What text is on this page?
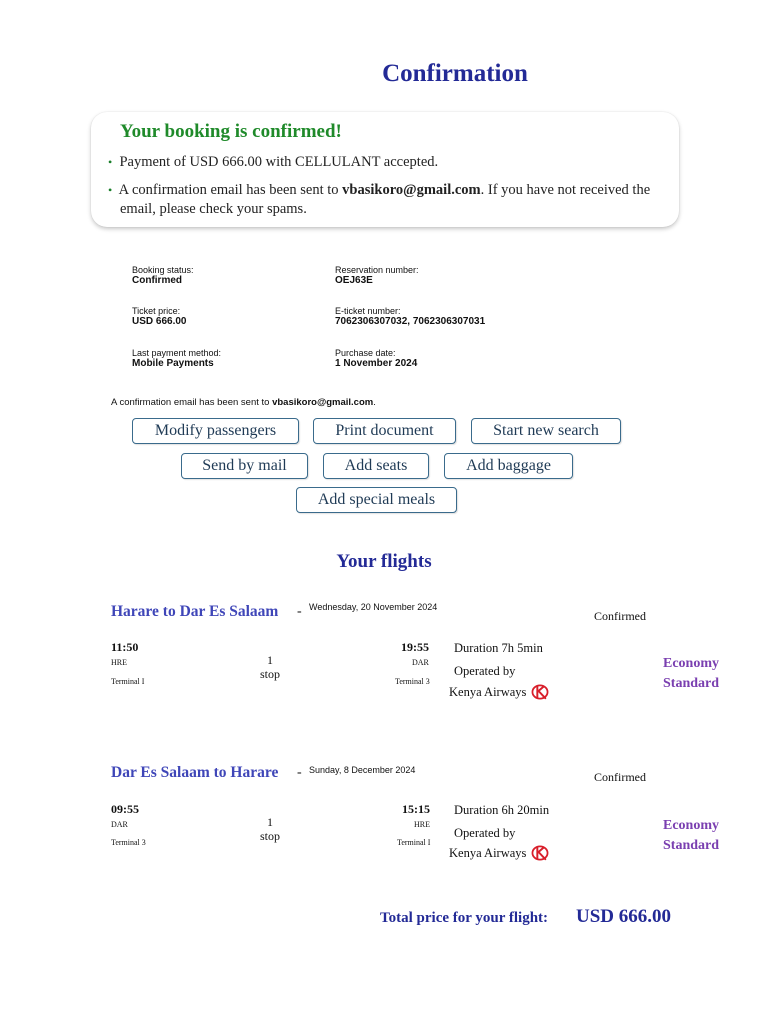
Confirmation
Your booking is confirmed!
• Payment of USD 666.00 with CELLULANT accepted.
• A confirmation email has been sent to vbasikoro@gmail.com. If you have not received the
email, please check your spams.
Booking status:
Confirmed
Reservation number:
OEJ63E
Ticket price:
USD 666.00
E-ticket number:
7062306307032, 7062306307031
Last payment method:
Mobile Payments
Purchase date:
1 November 2024
A confirmation email has been sent to vbasikoro@gmail.com.
Modify passengers	Print document	Start new search
Send by mail	Add seats	Add baggage
Add special meals
Your flights
Harare to Dar Es Salaam - Wednesday, 20 November 2024
Confirmed
11:50
HRE
Terminal I
1
stop
19:55
DAR
Terminal 3
Duration 7h 5min
Operated by
Kenya Airways
Economy
Standard
Dar Es Salaam to Harare - Sunday, 8 December 2024	Confirmed
09:55
DAR
Terminal 3
1
stop
15:15
HRE
Terminal I
Duration 6h 20min
Operated by
Kenya Airways
Economy
Standard
Total price for your flight: USD 666.00
